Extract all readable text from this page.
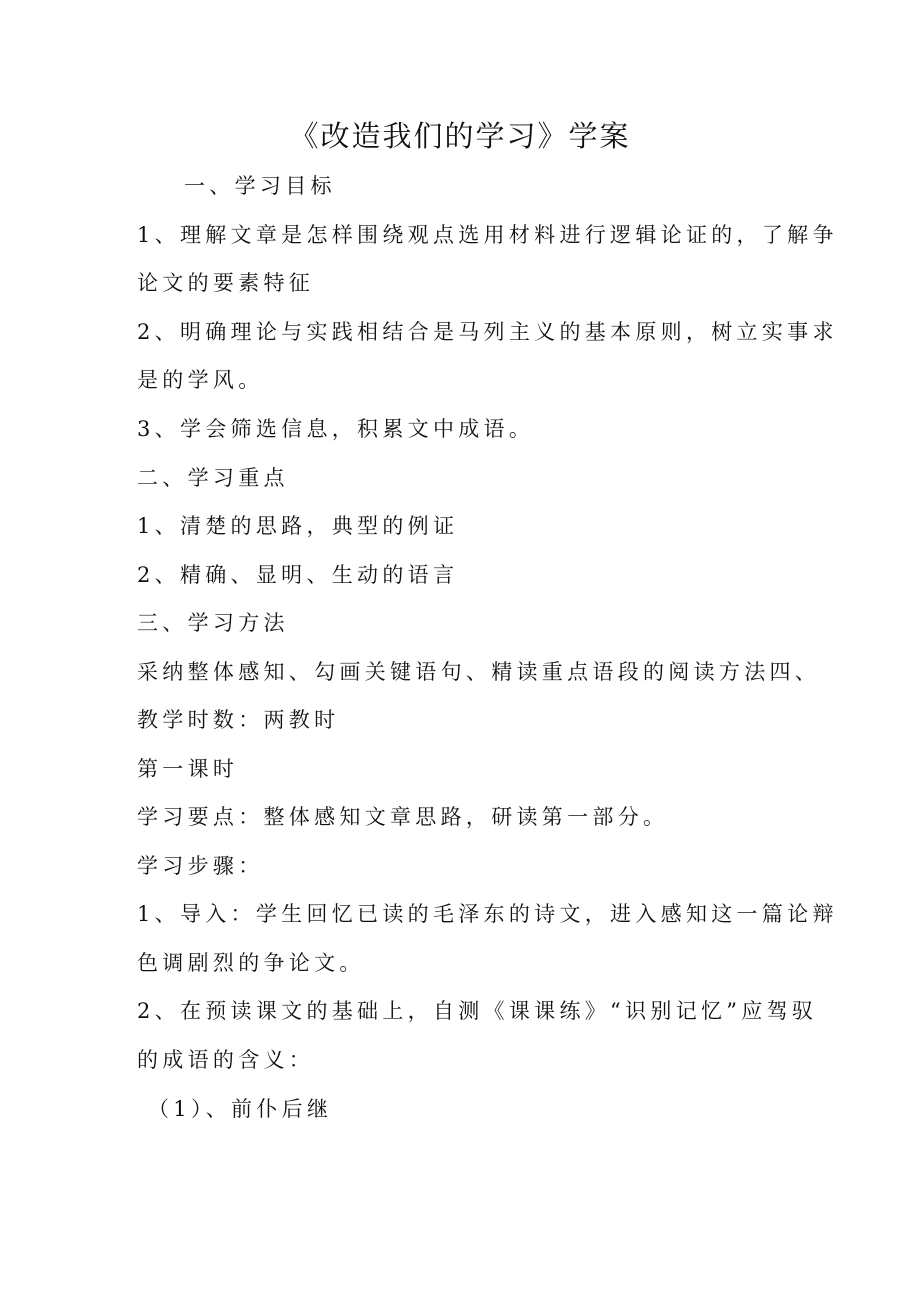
《改造我们的学习》学案

一、学习目标

1、理解文章是怎样围绕观点选用材料进行逻辑论证的，了解争

论文的要素特征

2、明确理论与实践相结合是马列主义的基本原则，树立实事求

是的学风。

3、学会筛选信息，积累文中成语。

二、学习重点

1、清楚的思路，典型的例证

2、精确、显明、生动的语言

三、学习方法

采纳整体感知、勾画关键语句、精读重点语段的阅读方法四、

教学时数：两教时

第一课时

学习要点：整体感知文章思路，研读第一部分。

学习步骤：

1、导入：学生回忆已读的毛泽东的诗文，进入感知这一篇论辩

色调剧烈的争论文。

2、在预读课文的基础上，自测《课课练》“识别记忆”应驾驭

的成语的含义：

（1）、前仆后继
